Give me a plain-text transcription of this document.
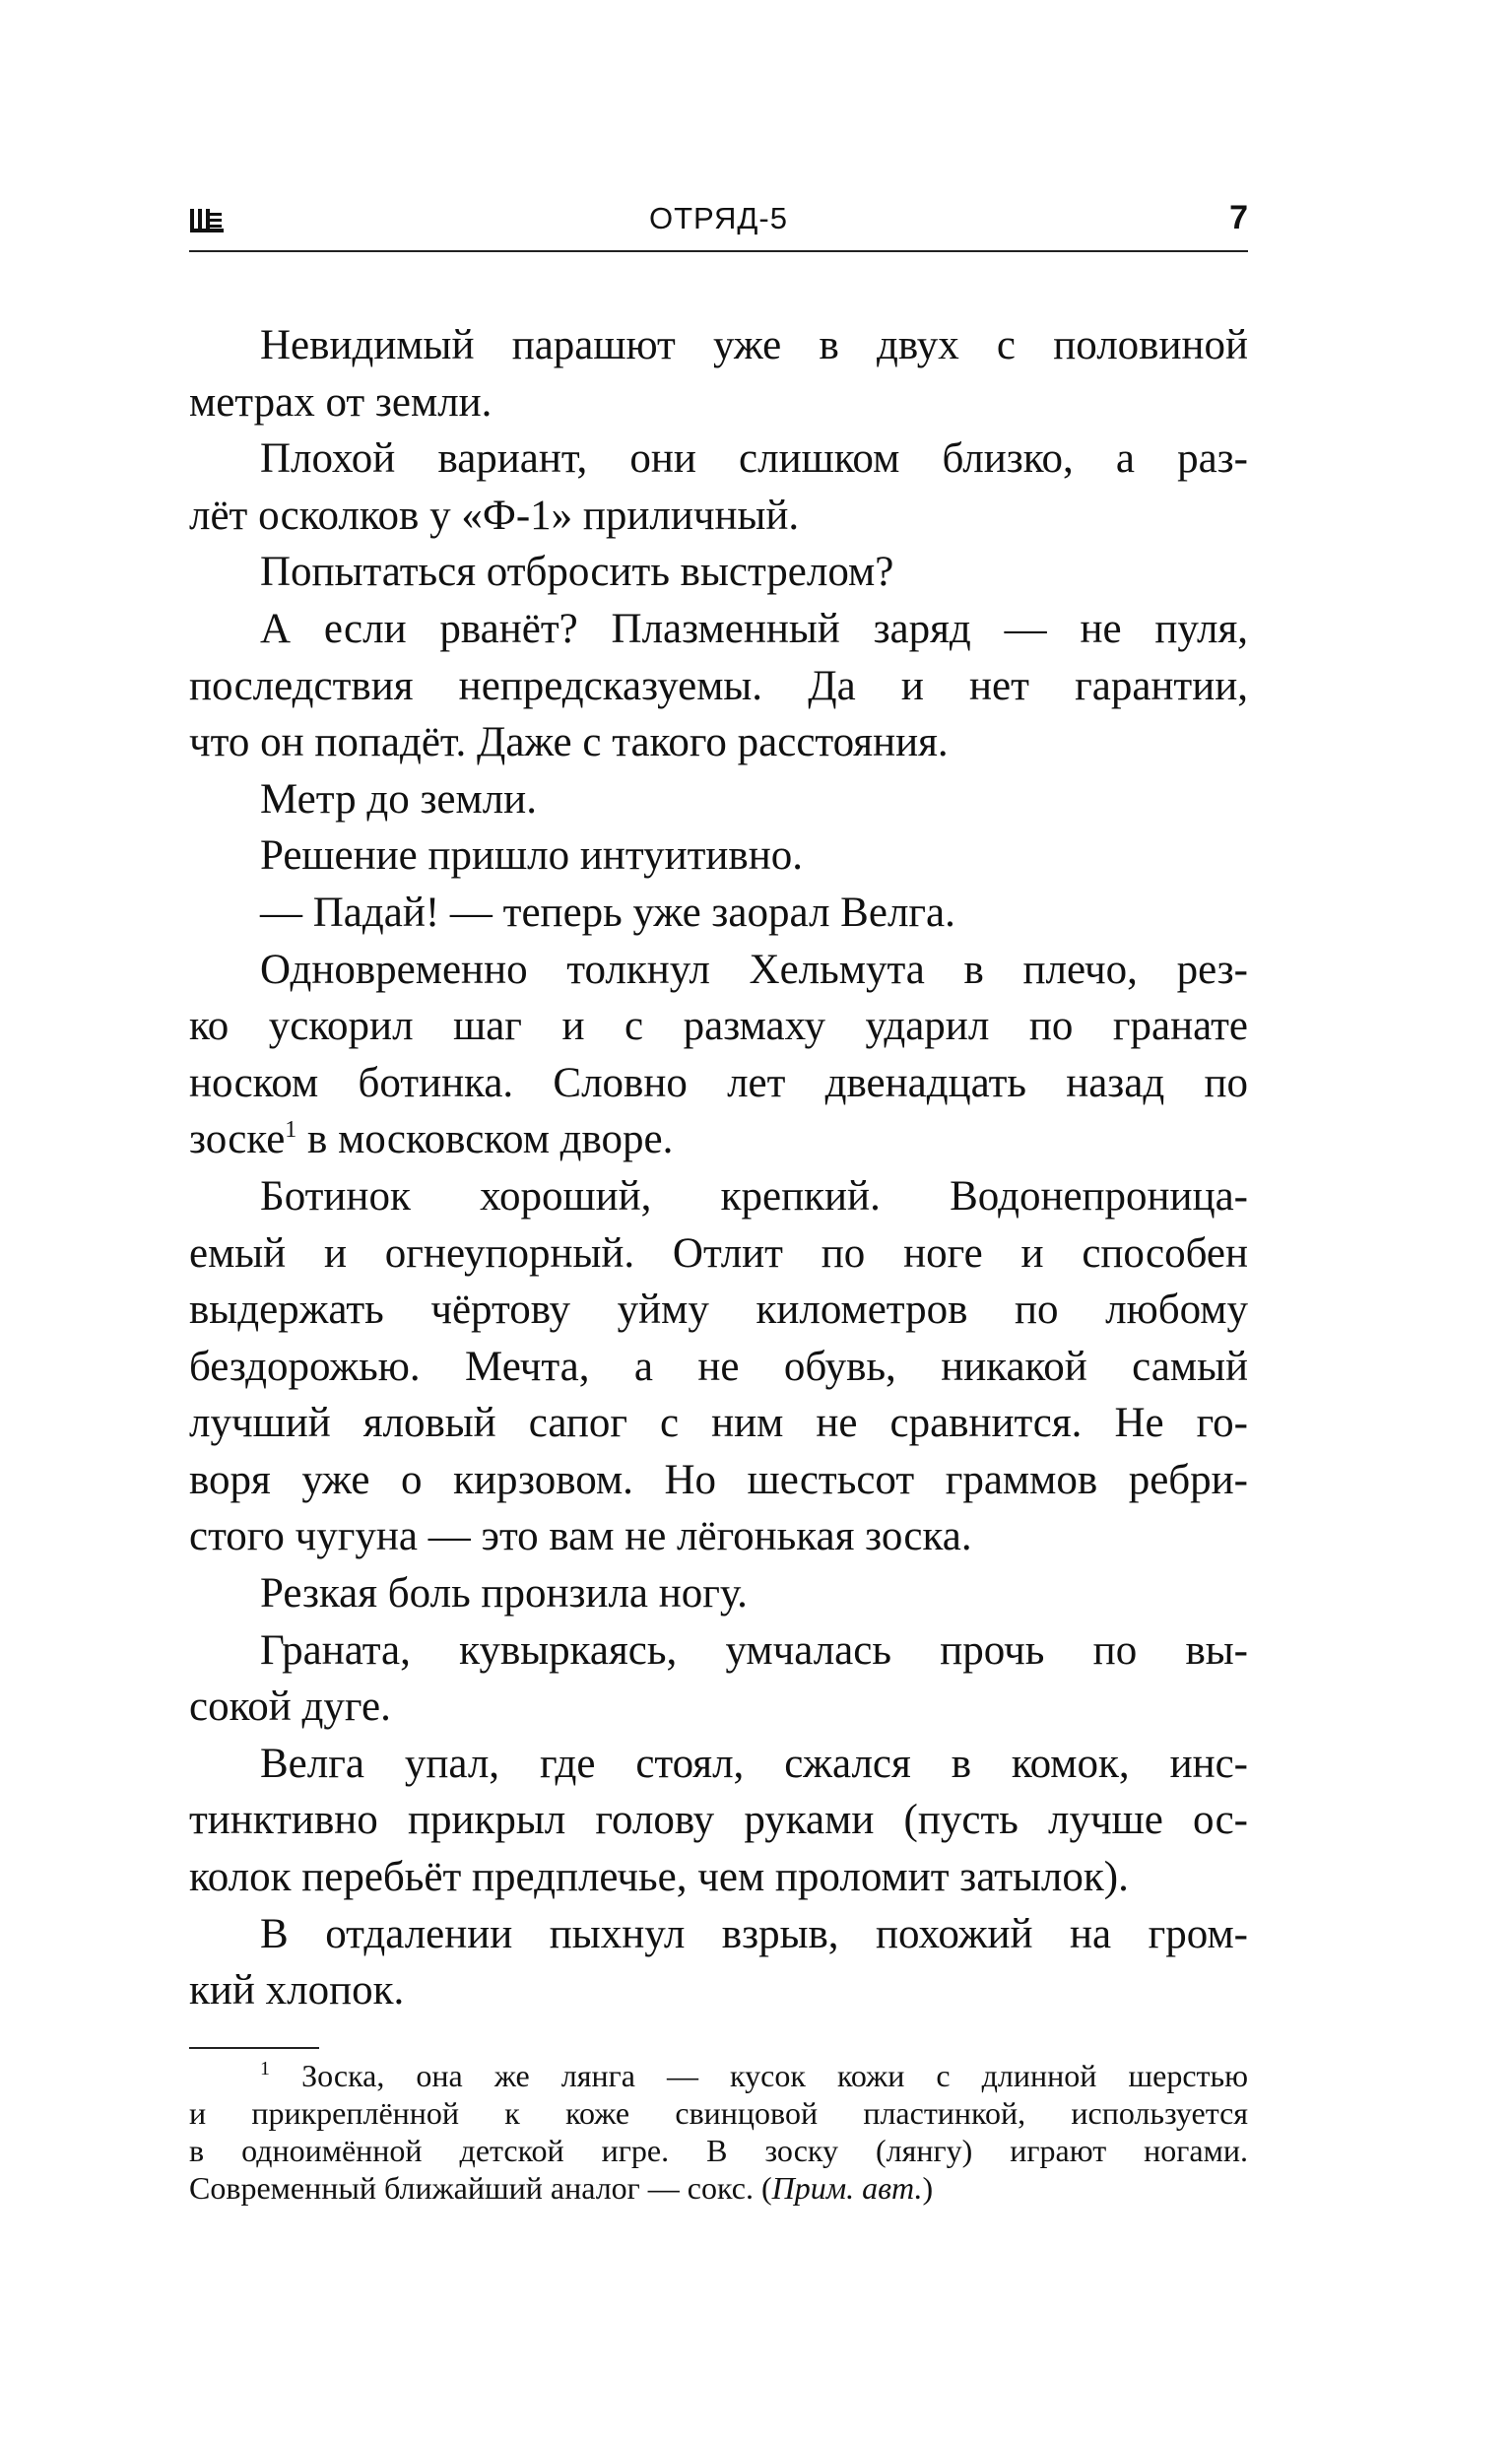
ОТРЯД-5	7
Невидимый парашют уже в двух с половиной
метрах от земли.
Плохой вариант, они слишком близко, а раз-
лёт осколков у «Ф-1» приличный.
Попытаться отбросить выстрелом?
А если рванёт? Плазменный заряд — не пуля,
последствия непредсказуемы. Да и нет гарантии,
что он попадёт. Даже с такого расстояния.
Метр до земли.
Решение пришло интуитивно.
— Падай! — теперь уже заорал Велга.
Одновременно толкнул Хельмута в плечо, рез-
ко ускорил шаг и с размаху ударил по гранате
носком ботинка. Словно лет двенадцать назад по
зоске$^1$ в московском дворе.
Ботинок хороший, крепкий. Водонепроница-
емый и огнеупорный. Отлит по ноге и способен
выдержать чёртову уйму километров по любому
бездорожью. Мечта, а не обувь, никакой самый
лучший яловый сапог с ним не сравнится. Не го-
воря уже о кирзовом. Но шестьсот граммов ребри-
стого чугуна — это вам не лёгонькая зоска.
Резкая боль пронзила ногу.
Граната, кувыркаясь, умчалась прочь по вы-
сокой дуге.
Велга упал, где стоял, сжался в комок, инс-
тинктивно прикрыл голову руками (пусть лучше ос-
колок перебьёт предплечье, чем проломит затылок).
В отдалении пыхнул взрыв, похожий на гром-
кий хлопок.
$^1$ Зоска, она же лянга — кусок кожи с длинной шерстью
и прикреплённой к коже свинцовой пластинкой, используется
в одноимённой детской игре. В зоску (лянгу) играют ногами.
Современный ближайший аналог — сокс. (Прим. авт.)
